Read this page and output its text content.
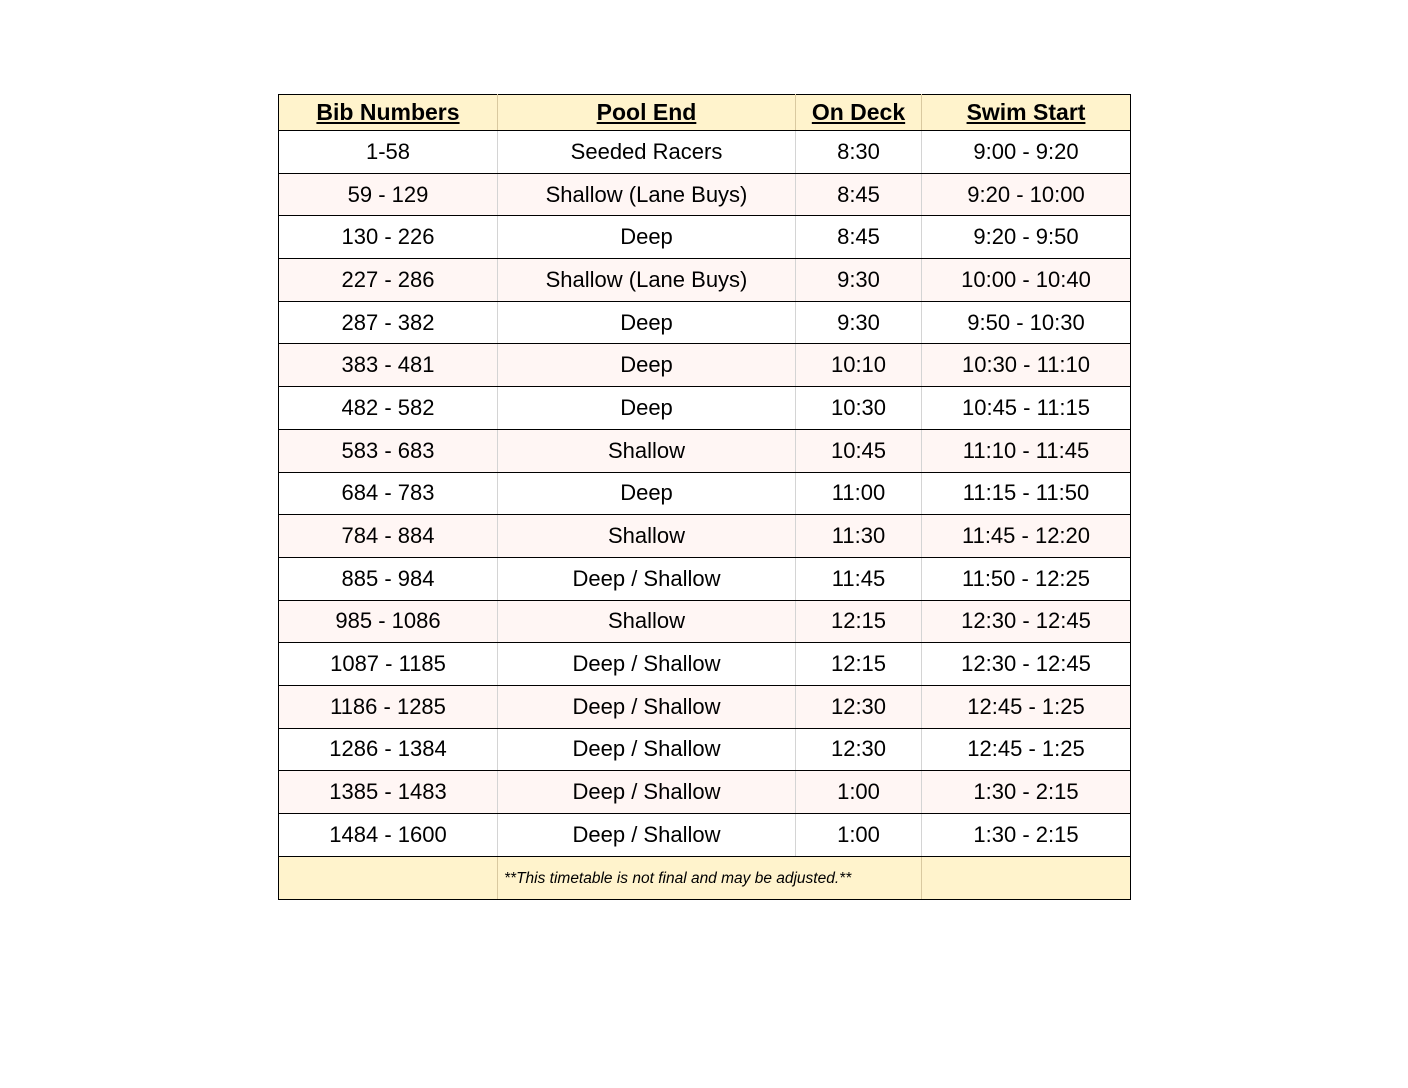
Bib Numbers	Pool End	On Deck	Swim Start
1-58	Seeded Racers	8:30	9:00 - 9:20
59 - 129	Shallow (Lane Buys)	8:45	9:20 - 10:00
130 - 226	Deep	8:45	9:20 - 9:50
227 - 286	Shallow (Lane Buys)	9:30	10:00 - 10:40
287 - 382	Deep	9:30	9:50 - 10:30
383 - 481	Deep	10:10	10:30 - 11:10
482 - 582	Deep	10:30	10:45 - 11:15
583 - 683	Shallow	10:45	11:10 - 11:45
684 - 783	Deep	11:00	11:15 - 11:50
784 - 884	Shallow	11:30	11:45 - 12:20
885 - 984	Deep / Shallow	11:45	11:50 - 12:25
985 - 1086	Shallow	12:15	12:30 - 12:45
1087 - 1185	Deep / Shallow	12:15	12:30 - 12:45
1186 - 1285	Deep / Shallow	12:30	12:45 - 1:25
1286 - 1384	Deep / Shallow	12:30	12:45 - 1:25
1385 - 1483	Deep / Shallow	1:00	1:30 - 2:15
1484 - 1600	Deep / Shallow	1:00	1:30 - 2:15
	**This timetable is not final and may be adjusted.**		
